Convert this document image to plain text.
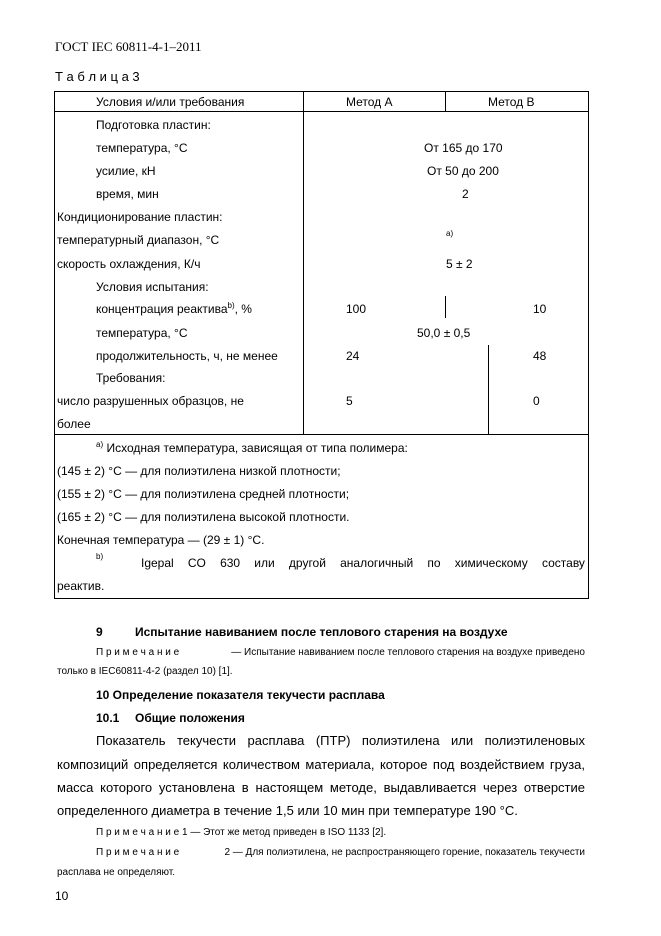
ГОСТ IEC 60811-4-1–2011
Т а б л и ц а 3
Условия и/или требования	Метод А	Метод В
Подготовка пластин:
температура, °С	От 165 до 170
усилие, кН	От 50 до 200
время, мин	2
Кондиционирование пластин:
температурный диапазон, °С	a)
скорость охлаждения, К/ч	5 ± 2
Условия испытания:
концентрация реактива$^{b)}$, %	100	10
температура, °С	50,0 ± 0,5
продолжительность, ч, не менее	24	48
Требования:
число разрушенных образцов, не	5	0
более
$^{a)}$ Исходная температура, зависящая от типа полимера:
(145 ± 2) °С — для полиэтилена низкой плотности;
(155 ± 2) °С — для полиэтилена средней плотности;
(165 ± 2) °С — для полиэтилена высокой плотности.
Конечная температура — (29 ± 1) °С.
b)	Igepal CO 630 или другой аналогичный по химическому составу
реактив.
9	Испытание навиванием после теплового старения на воздухе
П р и м е ч а н и е	— Испытание навиванием после теплового старения на воздухе приведено
только в IEC60811-4-2 (раздел 10) [1].
10 Определение показателя текучести расплава
10.1 Общие положения
Показатель текучести расплава (ПТР) полиэтилена или полиэтиленовых
композиций определяется количеством материала, которое под воздействием груза,
масса которого установлена в настоящем методе, выдавливается через отверстие
определенного диаметра в течение 1,5 или 10 мин при температуре 190 °С.
П р и м е ч а н и е 1 — Этот же метод приведен в ISO 1133 [2].
П р и м е ч а н и е	2 — Для полиэтилена, не распространяющего горение, показатель текучести
расплава не определяют.
10
